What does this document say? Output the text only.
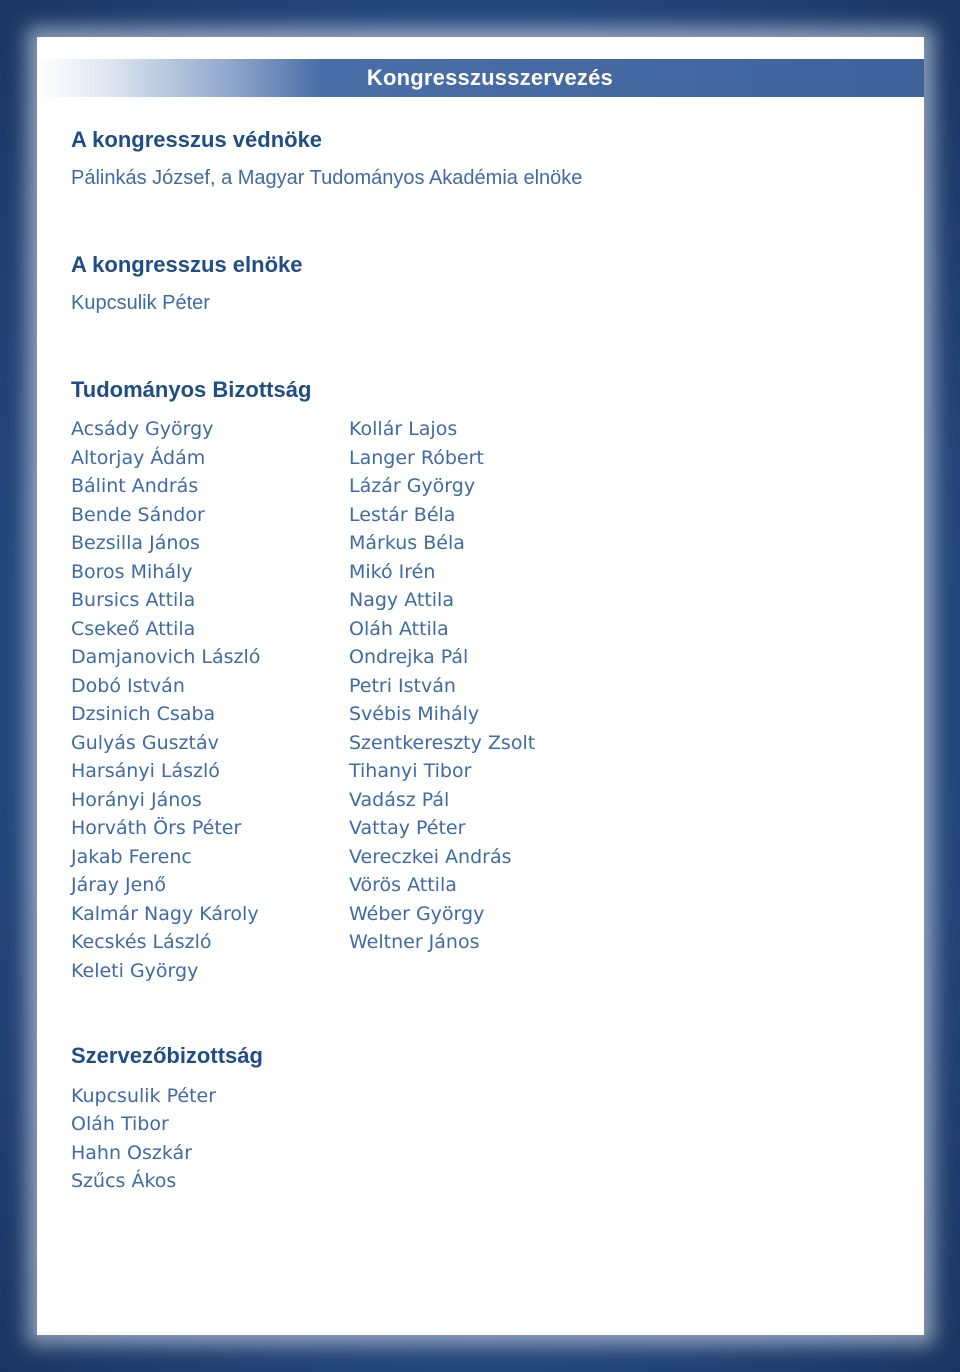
Kongresszusszervezés
A kongresszus védnöke

Pálinkás József, a Magyar Tudományos Akadémia elnöke

A kongresszus elnöke

Kupcsulik Péter

Tudományos Bizottság
Acsády György
Altorjay Ádám
Bálint András
Bende Sándor
Bezsilla János
Boros Mihály
Bursics Attila
Csekeő Attila
Damjanovich László
Dobó István
Dzsinich Csaba
Gulyás Gusztáv
Harsányi László
Horányi János
Horváth Örs Péter
Jakab Ferenc
Járay Jenő
Kalmár Nagy Károly
Kecskés László
Keleti György
Kollár Lajos
Langer Róbert
Lázár György
Lestár Béla
Márkus Béla
Mikó Irén
Nagy Attila
Oláh Attila
Ondrejka Pál
Petri István
Svébis Mihály
Szentkereszty Zsolt
Tihanyi Tibor
Vadász Pál
Vattay Péter
Vereczkei András
Vörös Attila
Wéber György
Weltner János
Szervezőbizottság
Kupcsulik Péter
Oláh Tibor
Hahn Oszkár
Szűcs Ákos
